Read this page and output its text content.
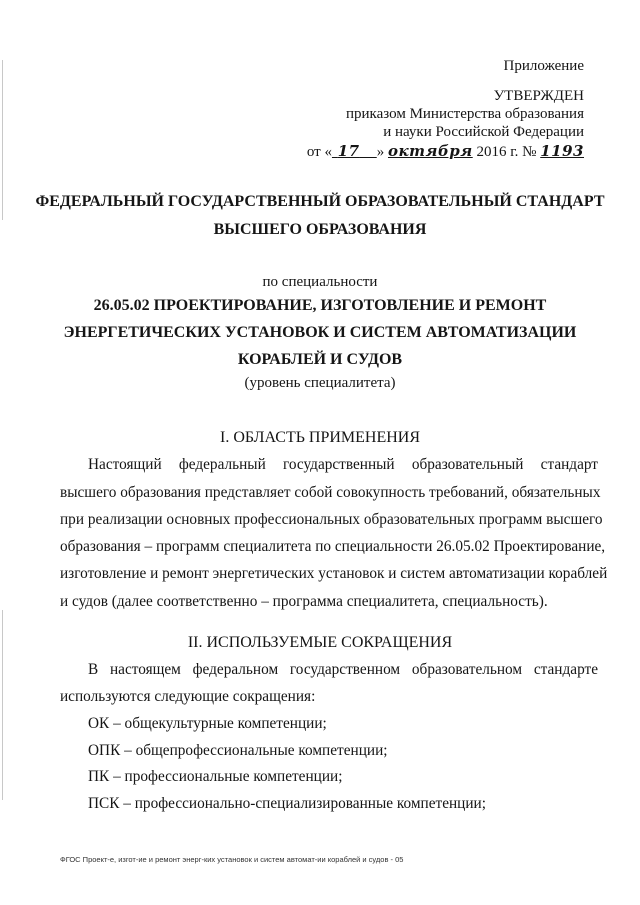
Приложение
УТВЕРЖДЕН
приказом Министерства образования
и науки Российской Федерации
от « 17 » октября 2016 г. № 1193
ФЕДЕРАЛЬНЫЙ ГОСУДАРСТВЕННЫЙ ОБРАЗОВАТЕЛЬНЫЙ СТАНДАРТ
ВЫСШЕГО ОБРАЗОВАНИЯ
по специальности
26.05.02 ПРОЕКТИРОВАНИЕ, ИЗГОТОВЛЕНИЕ И РЕМОНТ
ЭНЕРГЕТИЧЕСКИХ УСТАНОВОК И СИСТЕМ АВТОМАТИЗАЦИИ
КОРАБЛЕЙ И СУДОВ
(уровень специалитета)
I. ОБЛАСТЬ ПРИМЕНЕНИЯ
Настоящий федеральный государственный образовательный стандарт
высшего образования представляет собой совокупность требований, обязательных
при реализации основных профессиональных образовательных программ высшего
образования – программ специалитета по специальности 26.05.02 Проектирование,
изготовление и ремонт энергетических установок и систем автоматизации кораблей
и судов (далее соответственно – программа специалитета, специальность).
II. ИСПОЛЬЗУЕМЫЕ СОКРАЩЕНИЯ
В настоящем федеральном государственном образовательном стандарте
используются следующие сокращения:
ОК – общекультурные компетенции;
ОПК – общепрофессиональные компетенции;
ПК – профессиональные компетенции;
ПСК – профессионально-специализированные компетенции;
ФГОС Проект-е, изгот-ие и ремонт энерг-ких установок и систем автомат-ии кораблей и судов - 05
